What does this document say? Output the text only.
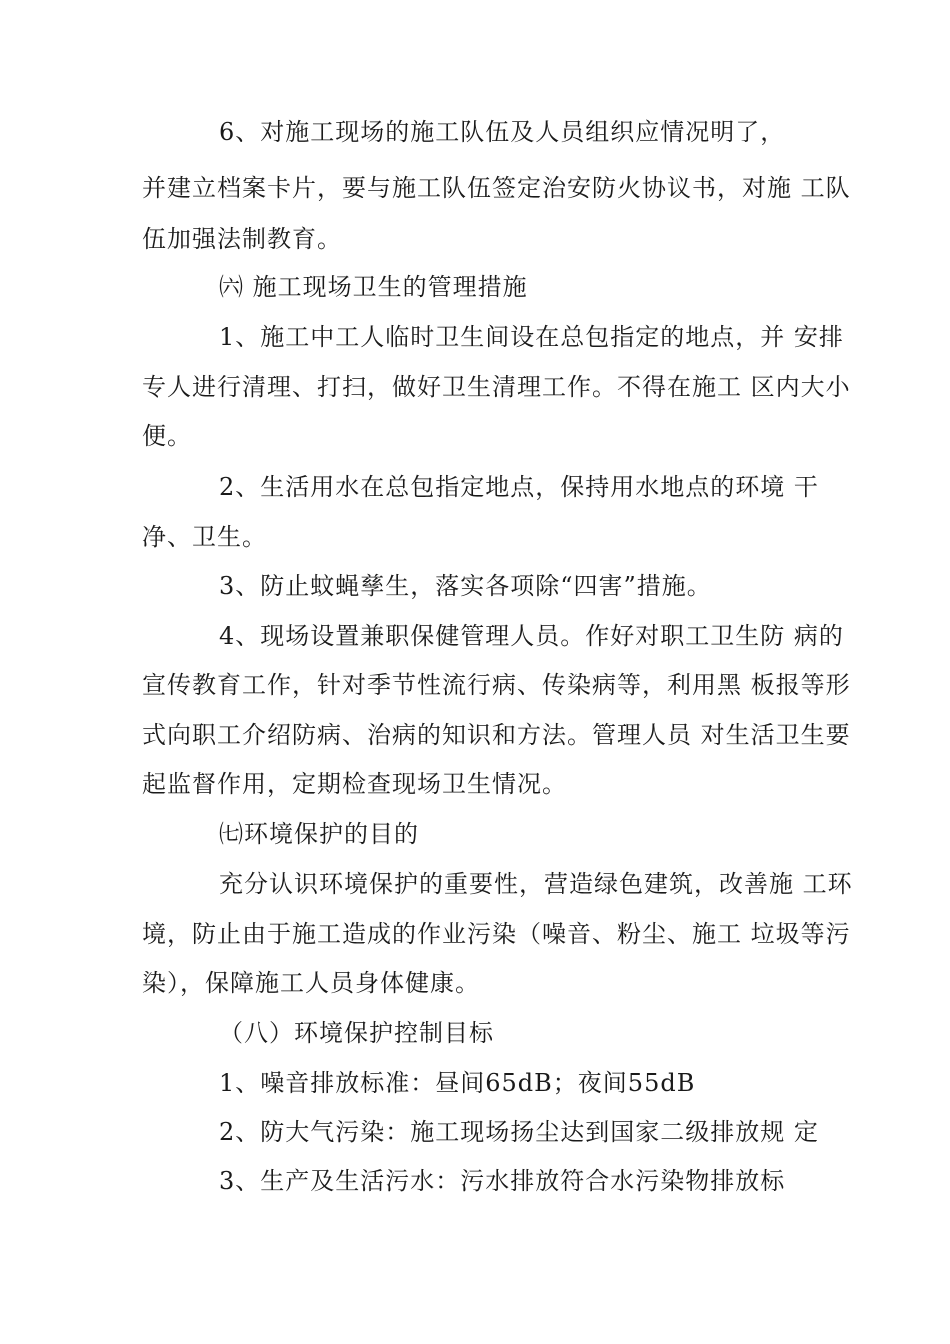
6、对施工现场的施工队伍及人员组织应情况明了，
并建立档案卡片，要与施工队伍签定治安防火协议书，对施 工队
伍加强法制教育。
㈥ 施工现场卫生的管理措施
1、施工中工人临时卫生间设在总包指定的地点，并 安排
专人进行清理、打扫，做好卫生清理工作。不得在施工 区内大小
便。
2、生活用水在总包指定地点，保持用水地点的环境 干
净、卫生。
3、防止蚊蝇孳生，落实各项除“四害”措施。
4、现场设置兼职保健管理人员。作好对职工卫生防 病的
宣传教育工作，针对季节性流行病、传染病等，利用黑 板报等形
式向职工介绍防病、治病的知识和方法。管理人员 对生活卫生要
起监督作用，定期检查现场卫生情况。
㈦环境保护的目的
充分认识环境保护的重要性，营造绿色建筑，改善施 工环
境，防止由于施工造成的作业污染（噪音、粉尘、施工 垃圾等污
染），保障施工人员身体健康。
（八）环境保护控制目标
1、噪音排放标准：昼间65dB；夜间55dB
2、防大气污染：施工现场扬尘达到国家二级排放规 定
3、生产及生活污水：污水排放符合水污染物排放标
